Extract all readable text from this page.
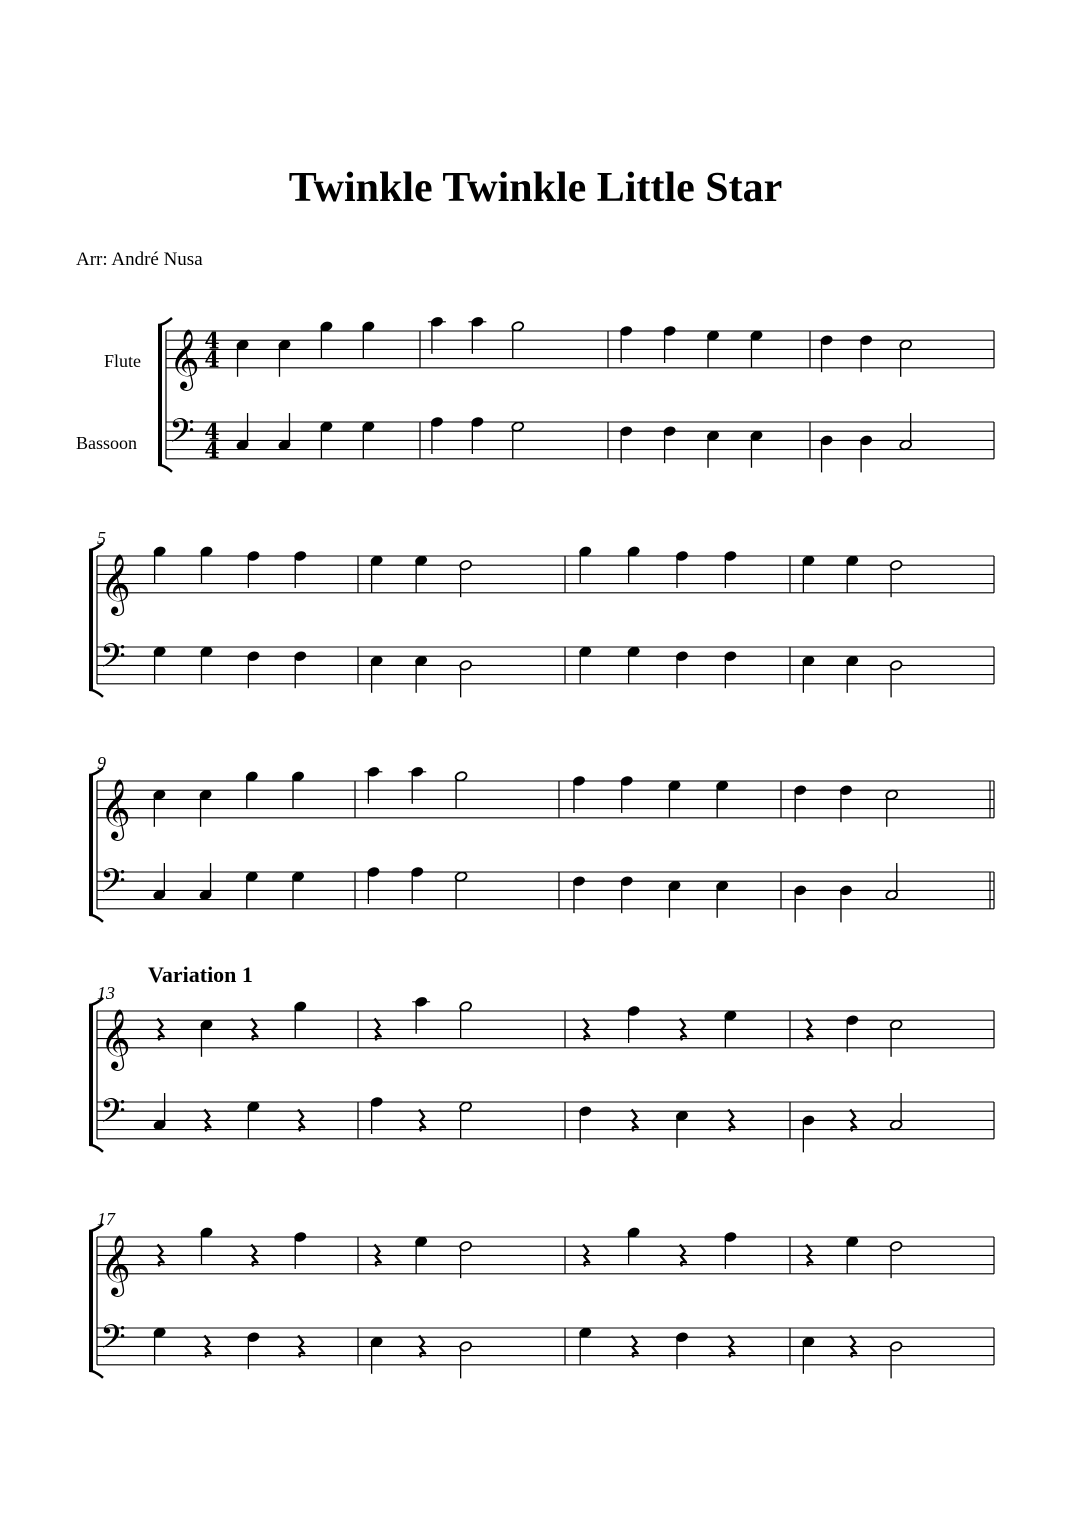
Twinkle Twinkle Little Star
Arr: André Nusa
𝄞
𝄢
4
4
4
4
𝄞
𝄢
𝄞
𝄢
𝄞
𝄢
𝄞
𝄢
Flute
Bassoon
5
9
13
17
Variation 1
